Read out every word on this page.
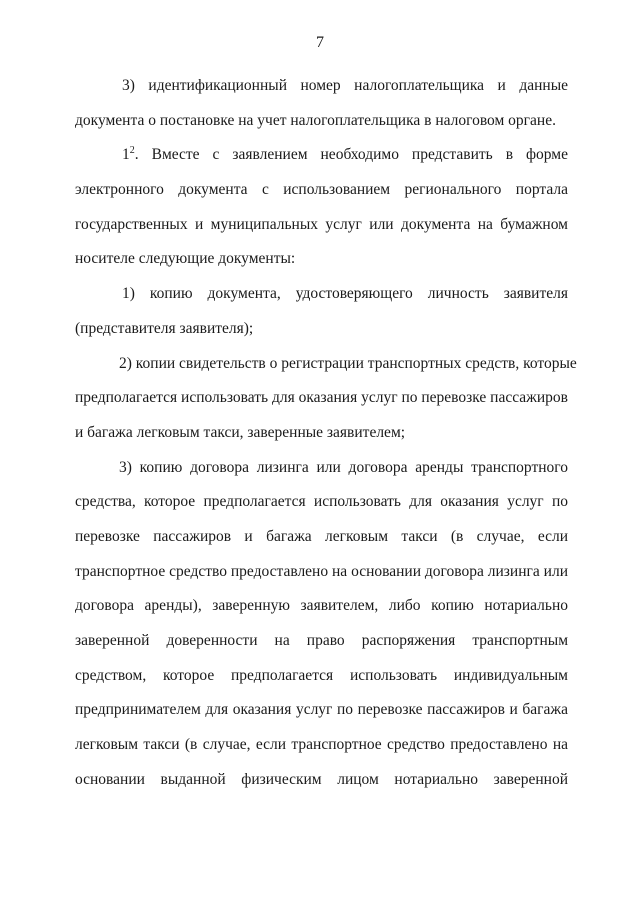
7
3) идентификационный номер налогоплательщика и данные
документа о постановке на учет налогоплательщика в налоговом органе.
$1^2$. Вместе с заявлением необходимо представить в форме
электронного документа с использованием регионального портала
государственных и муниципальных услуг или документа на бумажном
носителе следующие документы:
1) копию документа, удостоверяющего личность заявителя
(представителя заявителя);
2) копии свидетельств о регистрации транспортных средств, которые
предполагается использовать для оказания услуг по перевозке пассажиров
и багажа легковым такси, заверенные заявителем;
3) копию договора лизинга или договора аренды транспортного
средства, которое предполагается использовать для оказания услуг по
перевозке пассажиров и багажа легковым такси (в случае, если
транспортное средство предоставлено на основании договора лизинга или
договора аренды), заверенную заявителем, либо копию нотариально
заверенной доверенности на право распоряжения транспортным
средством, которое предполагается использовать индивидуальным
предпринимателем для оказания услуг по перевозке пассажиров и багажа
легковым такси (в случае, если транспортное средство предоставлено на
основании выданной физическим лицом нотариально заверенной
